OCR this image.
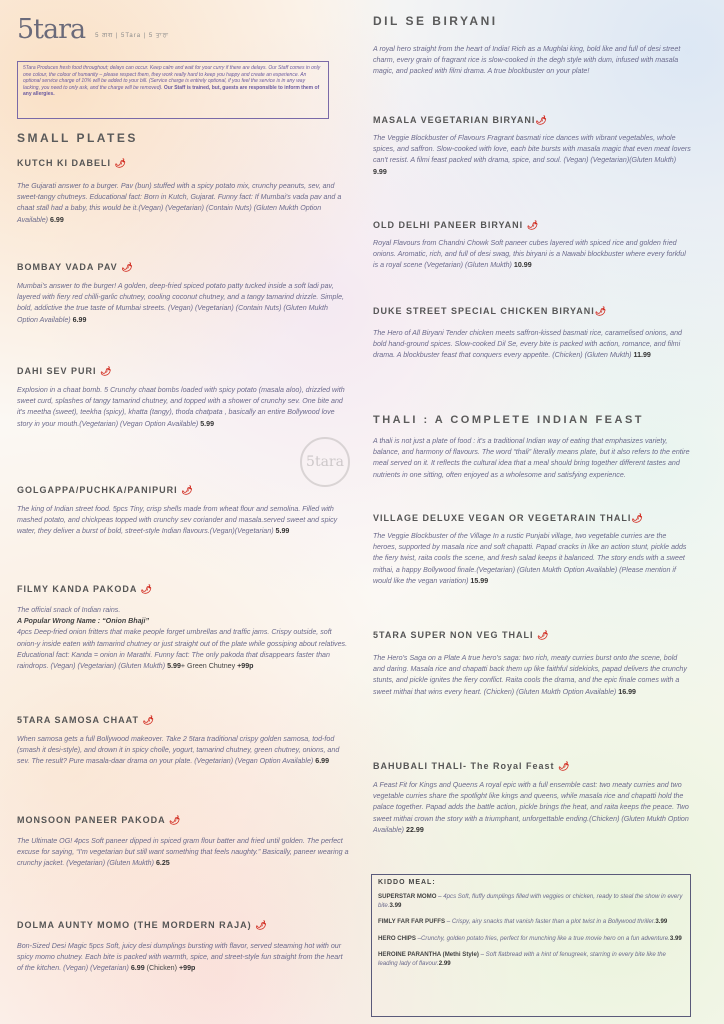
5tara 5 तारा | 5Tara | 5 ਤਾਰਾ
5Tara Produces fresh food throughout; delays can occur. Keep calm and wait for your curry if there are delays. Our Staff comes in only one colour, the colour of humanity – please respect them, they work really hard to keep you happy and create an experience. An optional service charge of 10% will be added to your bill. (Service charge is entirely optional, if you feel the service is in any way lacking, you need to only ask, and the charge will be removed). Our Staff is trained, but, guests are responsible to inform them of any allergies.
5tara
SMALL PLATES

KUTCH KI DABELI 🌶

The Gujarati answer to a burger. Pav (bun) stuffed with a spicy potato mix, crunchy peanuts, sev, and sweet-tangy chutneys. Educational fact: Born in Kutch, Gujarat. Funny fact: If Mumbai's vada pav and a chaat stall had a baby, this would be it.(Vegan) (Vegetarian) (Contain Nuts) (Gluten Mukth Option Available) 6.99

BOMBAY VADA PAV 🌶

Mumbai's answer to the burger! A golden, deep-fried spiced potato patty tucked inside a soft ladi pav, layered with fiery red chilli-garlic chutney, cooling coconut chutney, and a tangy tamarind drizzle. Simple, bold, addictive the true taste of Mumbai streets. (Vegan) (Vegetarian) (Contain Nuts) (Gluten Mukth Option Available) 6.99

DAHI SEV PURI 🌶

Explosion in a chaat bomb. 5 Crunchy chaat bombs loaded with spicy potato (masala aloo), drizzled with sweet curd, splashes of tangy tamarind chutney, and topped with a shower of crunchy sev. One bite and it's meetha (sweet), teekha (spicy), khatta (tangy), thoda chatpata , basically an entire Bollywood love story in your mouth.(Vegetarian) (Vegan Option Available) 5.99

GOLGAPPA/PUCHKA/PANIPURI 🌶

The king of Indian street food. 5pcs Tiny, crisp shells made from wheat flour and semolina. Filled with mashed potato, and chickpeas topped with crunchy sev coriander and masala.served sweet and spicy water, they deliver a burst of bold, street-style Indian flavours.(Vegan)(Vegetarian) 5.99

FILMY KANDA PAKODA 🌶

The official snack of Indian rains.
A Popular Wrong Name : “Onion Bhaji”
4pcs Deep-fried onion fritters that make people forget umbrellas and traffic jams. Crispy outside, soft onion-y inside eaten with tamarind chutney or just straight out of the plate while gossiping about relatives. Educational fact: Kanda = onion in Marathi. Funny fact: The only pakoda that disappears faster than raindrops. (Vegan) (Vegetarian) (Gluten Mukth) 5.99+ Green Chutney +99p

5TARA SAMOSA CHAAT 🌶

When samosa gets a full Bollywood makeover. Take 2 5tara traditional crispy golden samosa, tod-fod (smash it desi-style), and drown it in spicy cholle, yogurt, tamarind chutney, green chutney, onions, and sev. The result? Pure masala-daar drama on your plate. (Vegetarian) (Vegan Option Available) 6.99

MONSOON PANEER PAKODA 🌶

The Ultimate OG! 4pcs Soft paneer dipped in spiced gram flour batter and fried until golden. The perfect excuse for saying, “I'm vegetarian but still want something that feels naughty.” Basically, paneer wearing a crunchy jacket. (Vegetarian) (Gluten Mukth) 6.25

DOLMA AUNTY MOMO (THE MORDERN RAJA) 🌶

Bon-Sized Desi Magic 5pcs Soft, juicy desi dumplings bursting with flavor, served steaming hot with our spicy momo chutney. Each bite is packed with warmth, spice, and street-style fun straight from the heart of the kitchen. (Vegan) (Vegetarian) 6.99 (Chicken) +99p

DIL SE BIRYANI

A royal hero straight from the heart of India! Rich as a Mughlai king, bold like and full of desi street charm, every grain of fragrant rice is slow-cooked in the degh style with dum, infused with masala magic, and packed with filmi drama. A true blockbuster on your plate!

MASALA VEGETARIAN BIRYANI🌶

The Veggie Blockbuster of Flavours Fragrant basmati rice dances with vibrant vegetables, whole spices, and saffron. Slow-cooked with love, each bite bursts with masala magic that even meat lovers can't resist. A filmi feast packed with drama, spice, and soul. (Vegan) (Vegetarian)(Gluten Mukth) 9.99

OLD DELHI PANEER BIRYANI 🌶

Royal Flavours from Chandni Chowk Soft paneer cubes layered with spiced rice and golden fried onions. Aromatic, rich, and full of desi swag, this biryani is a Nawabi blockbuster where every forkful is a royal scene (Vegetarian) (Gluten Mukth) 10.99

DUKE STREET SPECIAL CHICKEN BIRYANI🌶

The Hero of All Biryani Tender chicken meets saffron-kissed basmati rice, caramelised onions, and bold hand-ground spices. Slow-cooked Dil Se, every bite is packed with action, romance, and filmi drama. A blockbuster feast that conquers every appetite. (Chicken) (Gluten Mukth) 11.99

THALI : A COMPLETE INDIAN FEAST

A thali is not just a plate of food : it's a traditional Indian way of eating that emphasizes variety, balance, and harmony of flavours. The word “thali” literally means plate, but it also refers to the entire meal served on it. It reflects the cultural idea that a meal should bring together different tastes and nutrients in one sitting, often enjoyed as a wholesome and satisfying experience.

VILLAGE DELUXE VEGAN OR VEGETARAIN THALI🌶

The Veggie Blockbuster of the Village In a rustic Punjabi village, two vegetable curries are the heroes, supported by masala rice and soft chapatti. Papad cracks in like an action stunt, pickle adds the fiery twist, raita cools the scene, and fresh salad keeps it balanced. The story ends with a sweet mithai, a happy Bollywood finale.(Vegetarian) (Gluten Mukth Option Available) (Please mention if would like the vegan variation) 15.99

5TARA SUPER NON VEG THALI 🌶

The Hero's Saga on a Plate A true hero's saga: two rich, meaty curries burst onto the scene, bold and daring. Masala rice and chapatti back them up like faithful sidekicks, papad delivers the crunchy stunts, and pickle ignites the fiery conflict. Raita cools the drama, and the epic finale comes with a sweet mithai that wins every heart. (Chicken) (Gluten Mukth Option Available) 16.99

BAHUBALI THALI- The Royal Feast 🌶

A Feast Fit for Kings and Queens A royal epic with a full ensemble cast: two meaty curries and two vegetable curries share the spotlight like kings and queens, while masala rice and chapatti hold the palace together. Papad adds the battle action, pickle brings the heat, and raita keeps the peace. Two sweet mithai crown the story with a triumphant, unforgettable ending.(Chicken) (Gluten Mukth Option Available) 22.99

KIDDO MEAL:

SUPERSTAR MOMO – 4pcs Soft, fluffy dumplings filled with veggies or chicken, ready to steal the show in every bite.3.99

FIMLY FAR FAR PUFFS – Crispy, airy snacks that vanish faster than a plot twist in a Bollywood thriller.3.99

HERO CHIPS –Crunchy, golden potato fries, perfect for munching like a true movie hero on a fun adventure.3.99

HEROINE PARANTHA (Methi Style) – Soft flatbread with a hint of fenugreek, starring in every bite like the leading lady of flavour.2.99
